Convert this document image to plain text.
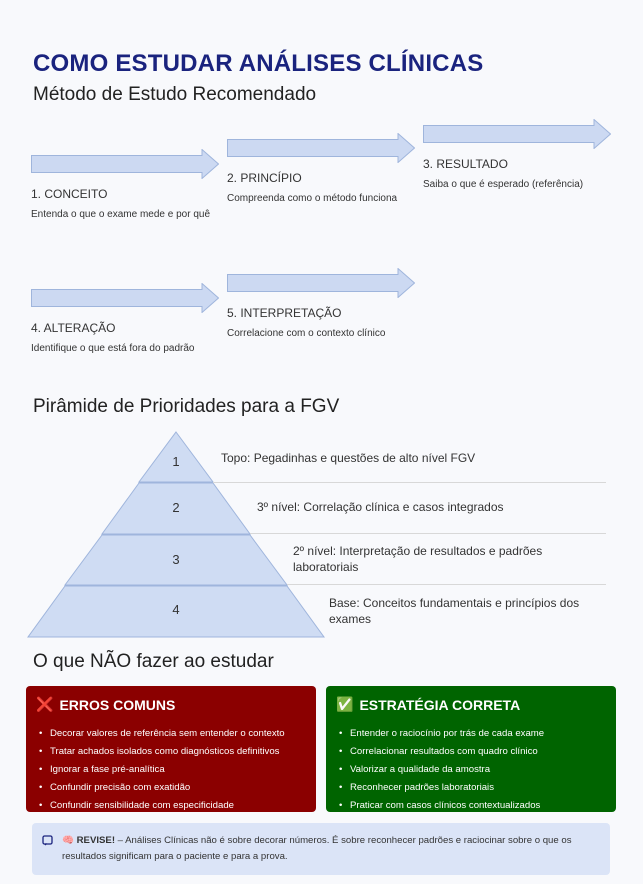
COMO ESTUDAR ANÁLISES CLÍNICAS
Método de Estudo Recomendado
1. CONCEITO
Entenda o que o exame mede e por quê
2. PRINCÍPIO
Compreenda como o método funciona
3. RESULTADO
Saiba o que é esperado (referência)
4. ALTERAÇÃO
Identifique o que está fora do padrão
5. INTERPRETAÇÃO
Correlacione com o contexto clínico
Pirâmide de Prioridades para a FGV
1
2
3
4
Topo: Pegadinhas e questões de alto nível FGV
3º nível: Correlação clínica e casos integrados
2º nível: Interpretação de resultados e padrões laboratoriais
Base: Conceitos fundamentais e princípios dos exames
O que NÃO fazer ao estudar
❌ ERROS COMUNS
• Decorar valores de referência sem entender o contexto
• Tratar achados isolados como diagnósticos definitivos
• Ignorar a fase pré-analítica
• Confundir precisão com exatidão
• Confundir sensibilidade com especificidade
✅ ESTRATÉGIA CORRETA
• Entender o raciocínio por trás de cada exame
• Correlacionar resultados com quadro clínico
• Valorizar a qualidade da amostra
• Reconhecer padrões laboratoriais
• Praticar com casos clínicos contextualizados
🧠 REVISE! – Análises Clínicas não é sobre decorar números. É sobre reconhecer padrões e raciocinar sobre o que os resultados significam para o paciente e para a prova.
